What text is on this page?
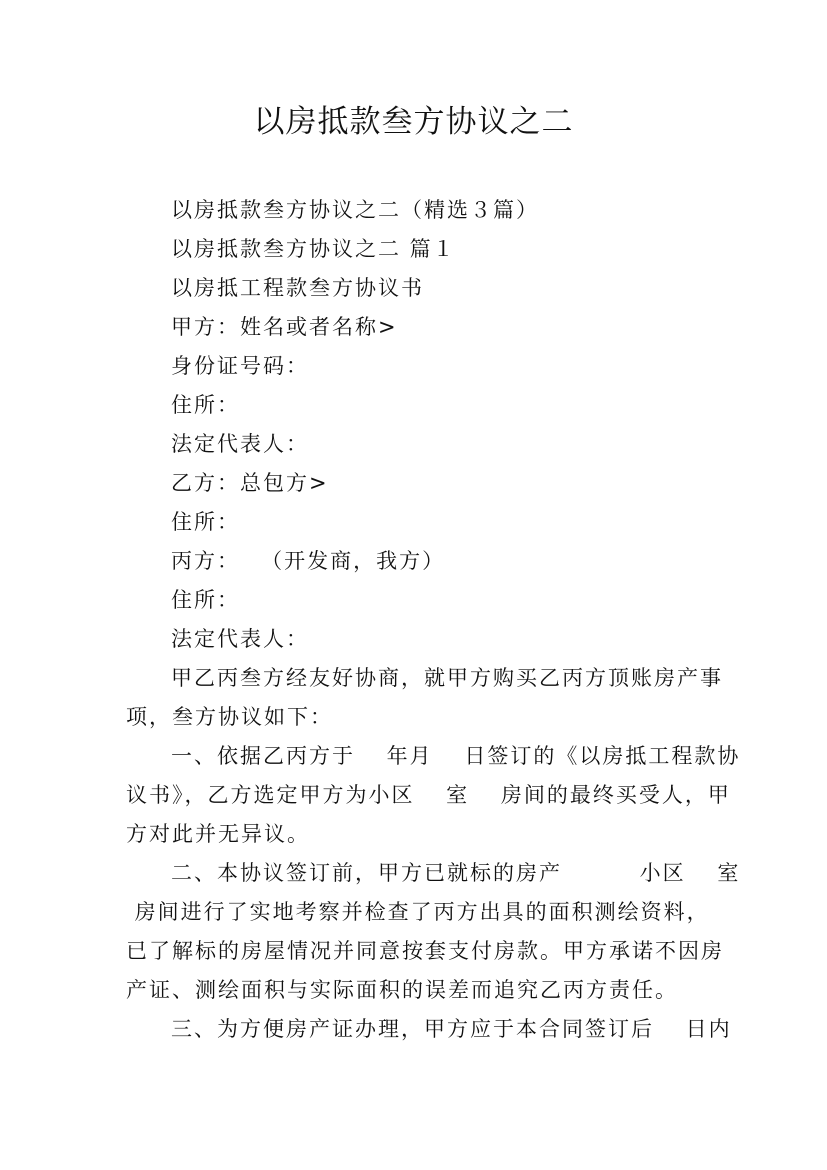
以房抵款叁方协议之二
以房抵款叁方协议之二（精选３篇）
以房抵款叁方协议之二 篇１
以房抵工程款叁方协议书
甲方：姓名或者名称>
身份证号码：
住所：
法定代表人：
乙方：总包方>
住所：
丙方：　 （开发商，我方）
住所：
法定代表人：
甲乙丙叁方经友好协商，就甲方购买乙丙方顶账房产事
项，叁方协议如下：
一、依据乙丙方于　 年月　 日签订的《以房抵工程款协
议书》，乙方选定甲方为小区　 室　 房间的最终买受人，甲
方对此并无异议。
二、本协议签订前，甲方已就标的房产　　　 小区　 室
房间进行了实地考察并检查了丙方出具的面积测绘资料，
已了解标的房屋情况并同意按套支付房款。甲方承诺不因房
产证、测绘面积与实际面积的误差而追究乙丙方责任。
三、为方便房产证办理，甲方应于本合同签订后　 日内
